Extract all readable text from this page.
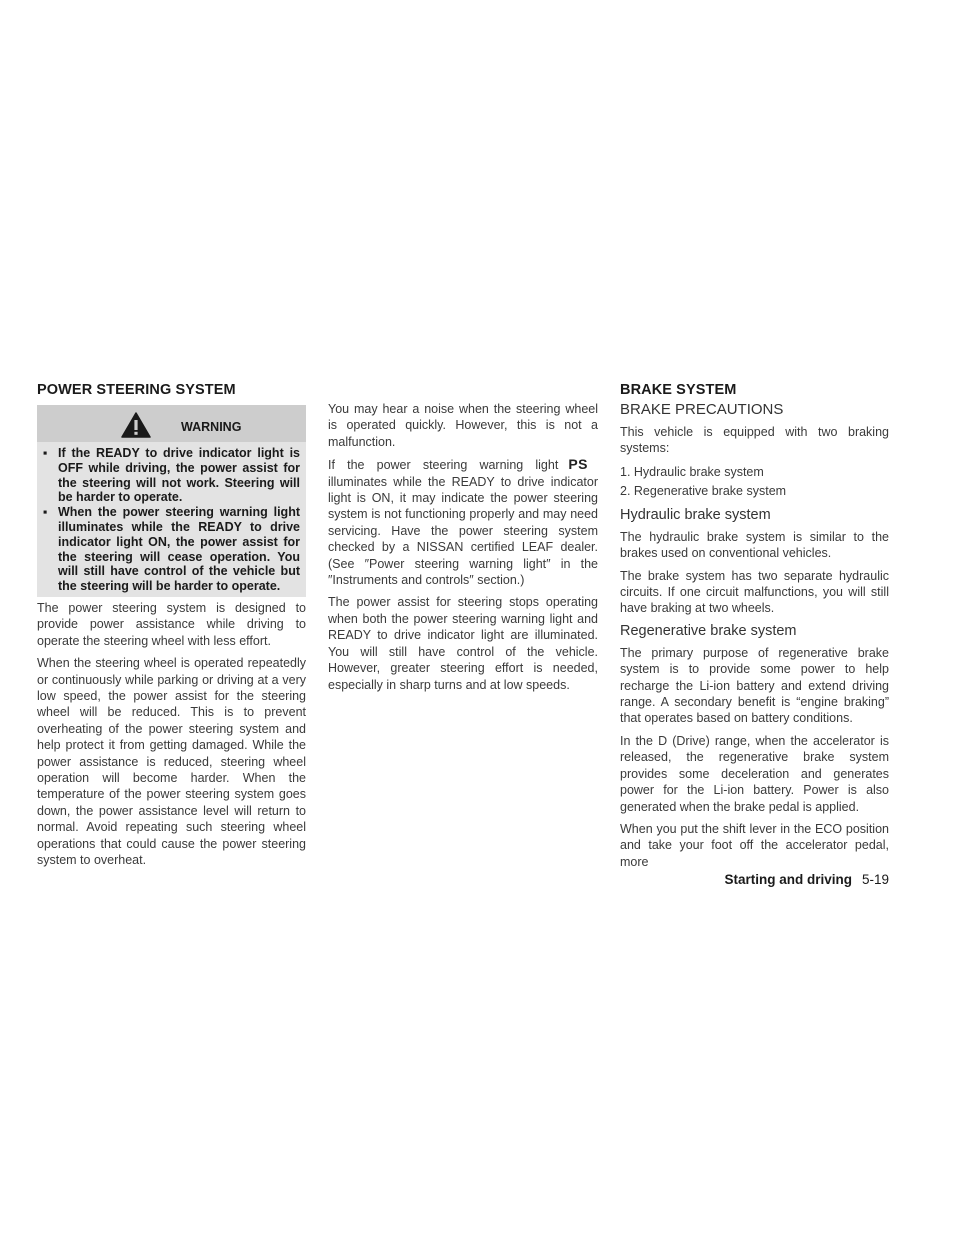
POWER STEERING SYSTEM
WARNING
▪ If the READY to drive indicator light is OFF while driving, the power assist for the steering will not work. Steering will be harder to operate.
▪ When the power steering warning light illuminates while the READY to drive indicator light ON, the power assist for the steering will cease operation. You will still have control of the vehicle but the steering will be harder to operate.

The power steering system is designed to provide power assistance while driving to operate the steering wheel with less effort.

When the steering wheel is operated repeatedly or continuously while parking or driving at a very low speed, the power assist for the steering wheel will be reduced. This is to prevent overheating of the power steering system and help protect it from getting damaged. While the power assistance is reduced, steering wheel operation will become harder. When the temperature of the power steering system goes down, the power assistance level will return to normal. Avoid repeating such steering wheel operations that could cause the power steering system to overheat.

You may hear a noise when the steering wheel is operated quickly. However, this is not a malfunction.

If the power steering warning light PSilluminates while the READY to drive indicator light is ON, it may indicate the power steering system is not functioning properly and may need servicing. Have the power steering system checked by a NISSAN certified LEAF dealer. (See ″Power steering warning light″ in the ″Instruments and controls″ section.)

The power assist for steering stops operating when both the power steering warning light and READY to drive indicator light are illuminated. You will still have control of the vehicle. However, greater steering effort is needed, especially in sharp turns and at low speeds.

BRAKE SYSTEM
BRAKE PRECAUTIONS

This vehicle is equipped with two braking systems:

1. Hydraulic brake system
2. Regenerative brake system
Hydraulic brake system

The hydraulic brake system is similar to the brakes used on conventional vehicles.

The brake system has two separate hydraulic circuits. If one circuit malfunctions, you will still have braking at two wheels.

Regenerative brake system

The primary purpose of regenerative brake system is to provide some power to help recharge the Li-ion battery and extend driving range. A secondary benefit is “engine braking” that operates based on battery conditions.

In the D (Drive) range, when the accelerator is released, the regenerative brake system provides some deceleration and generates power for the Li-ion battery. Power is also generated when the brake pedal is applied.

When you put the shift lever in the ECO position and take your foot off the accelerator pedal, more

Starting and driving 5-19
